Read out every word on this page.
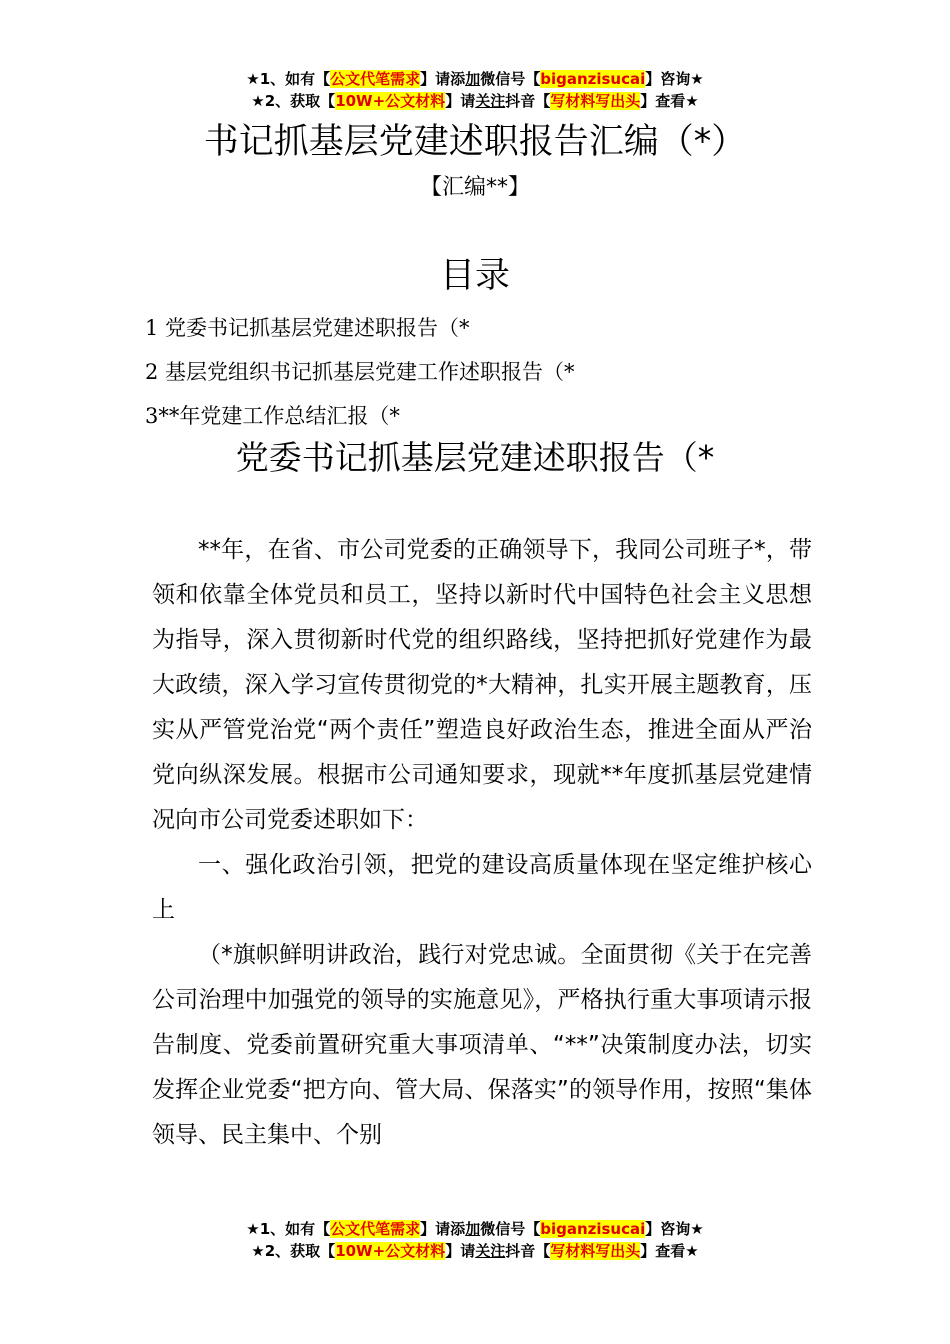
★1、如有【公文代笔需求】请添加微信号【biganzisucai】咨询★
★2、获取【10W+公文材料】请关注抖音【写材料写出头】查看★
书记抓基层党建述职报告汇编（*）
【汇编**】
目录
1 党委书记抓基层党建述职报告（*
2 基层党组织书记抓基层党建工作述职报告（*
3**年党建工作总结汇报（*
党委书记抓基层党建述职报告（*

**年，在省、市公司党委的正确领导下，我同公司班子*，带领和依靠全体党员和员工，坚持以新时代中国特色社会主义思想为指导，深入贯彻新时代党的组织路线，坚持把抓好党建作为最大政绩，深入学习宣传贯彻党的*大精神，扎实开展主题教育，压实从严管党治党“两个责任”塑造良好政治生态，推进全面从严治党向纵深发展。根据市公司通知要求，现就**年度抓基层党建情况向市公司党委述职如下：

一、强化政治引领，把党的建设高质量体现在坚定维护核心上

（*旗帜鲜明讲政治，践行对党忠诚。全面贯彻《关于在完善公司治理中加强党的领导的实施意见》，严格执行重大事项请示报告制度、党委前置研究重大事项清单、“**”决策制度办法，切实发挥企业党委“把方向、管大局、保落实”的领导作用，按照“集体领导、民主集中、个别

★1、如有【公文代笔需求】请添加微信号【biganzisucai】咨询★
★2、获取【10W+公文材料】请关注抖音【写材料写出头】查看★
